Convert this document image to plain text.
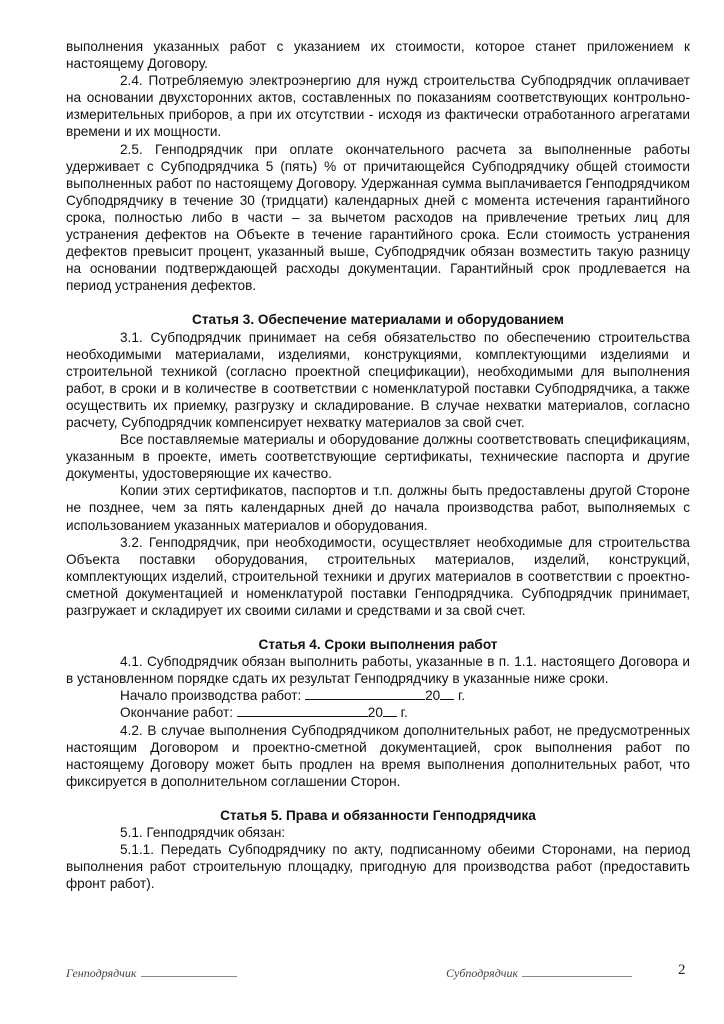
выполнения указанных работ с указанием их стоимости, которое станет приложением к настоящему Договору.

2.4. Потребляемую электроэнергию для нужд строительства Субподрядчик оплачивает на основании двухсторонних актов, составленных по показаниям соответствующих контрольно-измерительных приборов, а при их отсутствии - исходя из фактически отработанного агрегатами времени и их мощности.

2.5. Генподрядчик при оплате окончательного расчета за выполненные работы удерживает с Субподрядчика 5 (пять) % от причитающейся Субподрядчику общей стоимости выполненных работ по настоящему Договору. Удержанная сумма выплачивается Генподрядчиком Субподрядчику в течение 30 (тридцати) календарных дней с момента истечения гарантийного срока, полностью либо в части – за вычетом расходов на привлечение третьих лиц для устранения дефектов на Объекте в течение гарантийного срока. Если стоимость устранения дефектов превысит процент, указанный выше, Субподрядчик обязан возместить такую разницу на основании подтверждающей расходы документации. Гарантийный срок продлевается на период устранения дефектов.

Статья 3. Обеспечение материалами и оборудованием

3.1. Субподрядчик принимает на себя обязательство по обеспечению строительства необходимыми материалами, изделиями, конструкциями, комплектующими изделиями и строительной техникой (согласно проектной спецификации), необходимыми для выполнения работ, в сроки и в количестве в соответствии с номенклатурой поставки Субподрядчика, а также осуществить их приемку, разгрузку и складирование. В случае нехватки материалов, согласно расчету, Субподрядчик компенсирует нехватку материалов за свой счет.

Все поставляемые материалы и оборудование должны соответствовать спецификациям, указанным в проекте, иметь соответствующие сертификаты, технические паспорта и другие документы, удостоверяющие их качество.

Копии этих сертификатов, паспортов и т.п. должны быть предоставлены другой Стороне не позднее, чем за пять календарных дней до начала производства работ, выполняемых с использованием указанных материалов и оборудования.

3.2. Генподрядчик, при необходимости, осуществляет необходимые для строительства Объекта поставки оборудования, строительных материалов, изделий, конструкций, комплектующих изделий, строительной техники и других материалов в соответствии с проектно-сметной документацией и номенклатурой поставки Генподрядчика. Субподрядчик принимает, разгружает и складирует их своими силами и средствами и за свой счет.

Статья 4. Сроки выполнения работ

4.1. Субподрядчик обязан выполнить работы, указанные в п. 1.1. настоящего Договора и в установленном порядке сдать их результат Генподрядчику в указанные ниже сроки.

Начало производства работ:	20 г.

Окончание работ:	20 г.

4.2. В случае выполнения Субподрядчиком дополнительных работ, не предусмотренных настоящим Договором и проектно-сметной документацией, срок выполнения работ по настоящему Договору может быть продлен на время выполнения дополнительных работ, что фиксируется в дополнительном соглашении Сторон.

Статья 5. Права и обязанности Генподрядчика

5.1. Генподрядчик обязан:

5.1.1. Передать Субподрядчику по акту, подписанному обеими Сторонами, на период выполнения работ строительную площадку, пригодную для производства работ (предоставить фронт работ).

Генподрядчик	Субподрядчик	2
